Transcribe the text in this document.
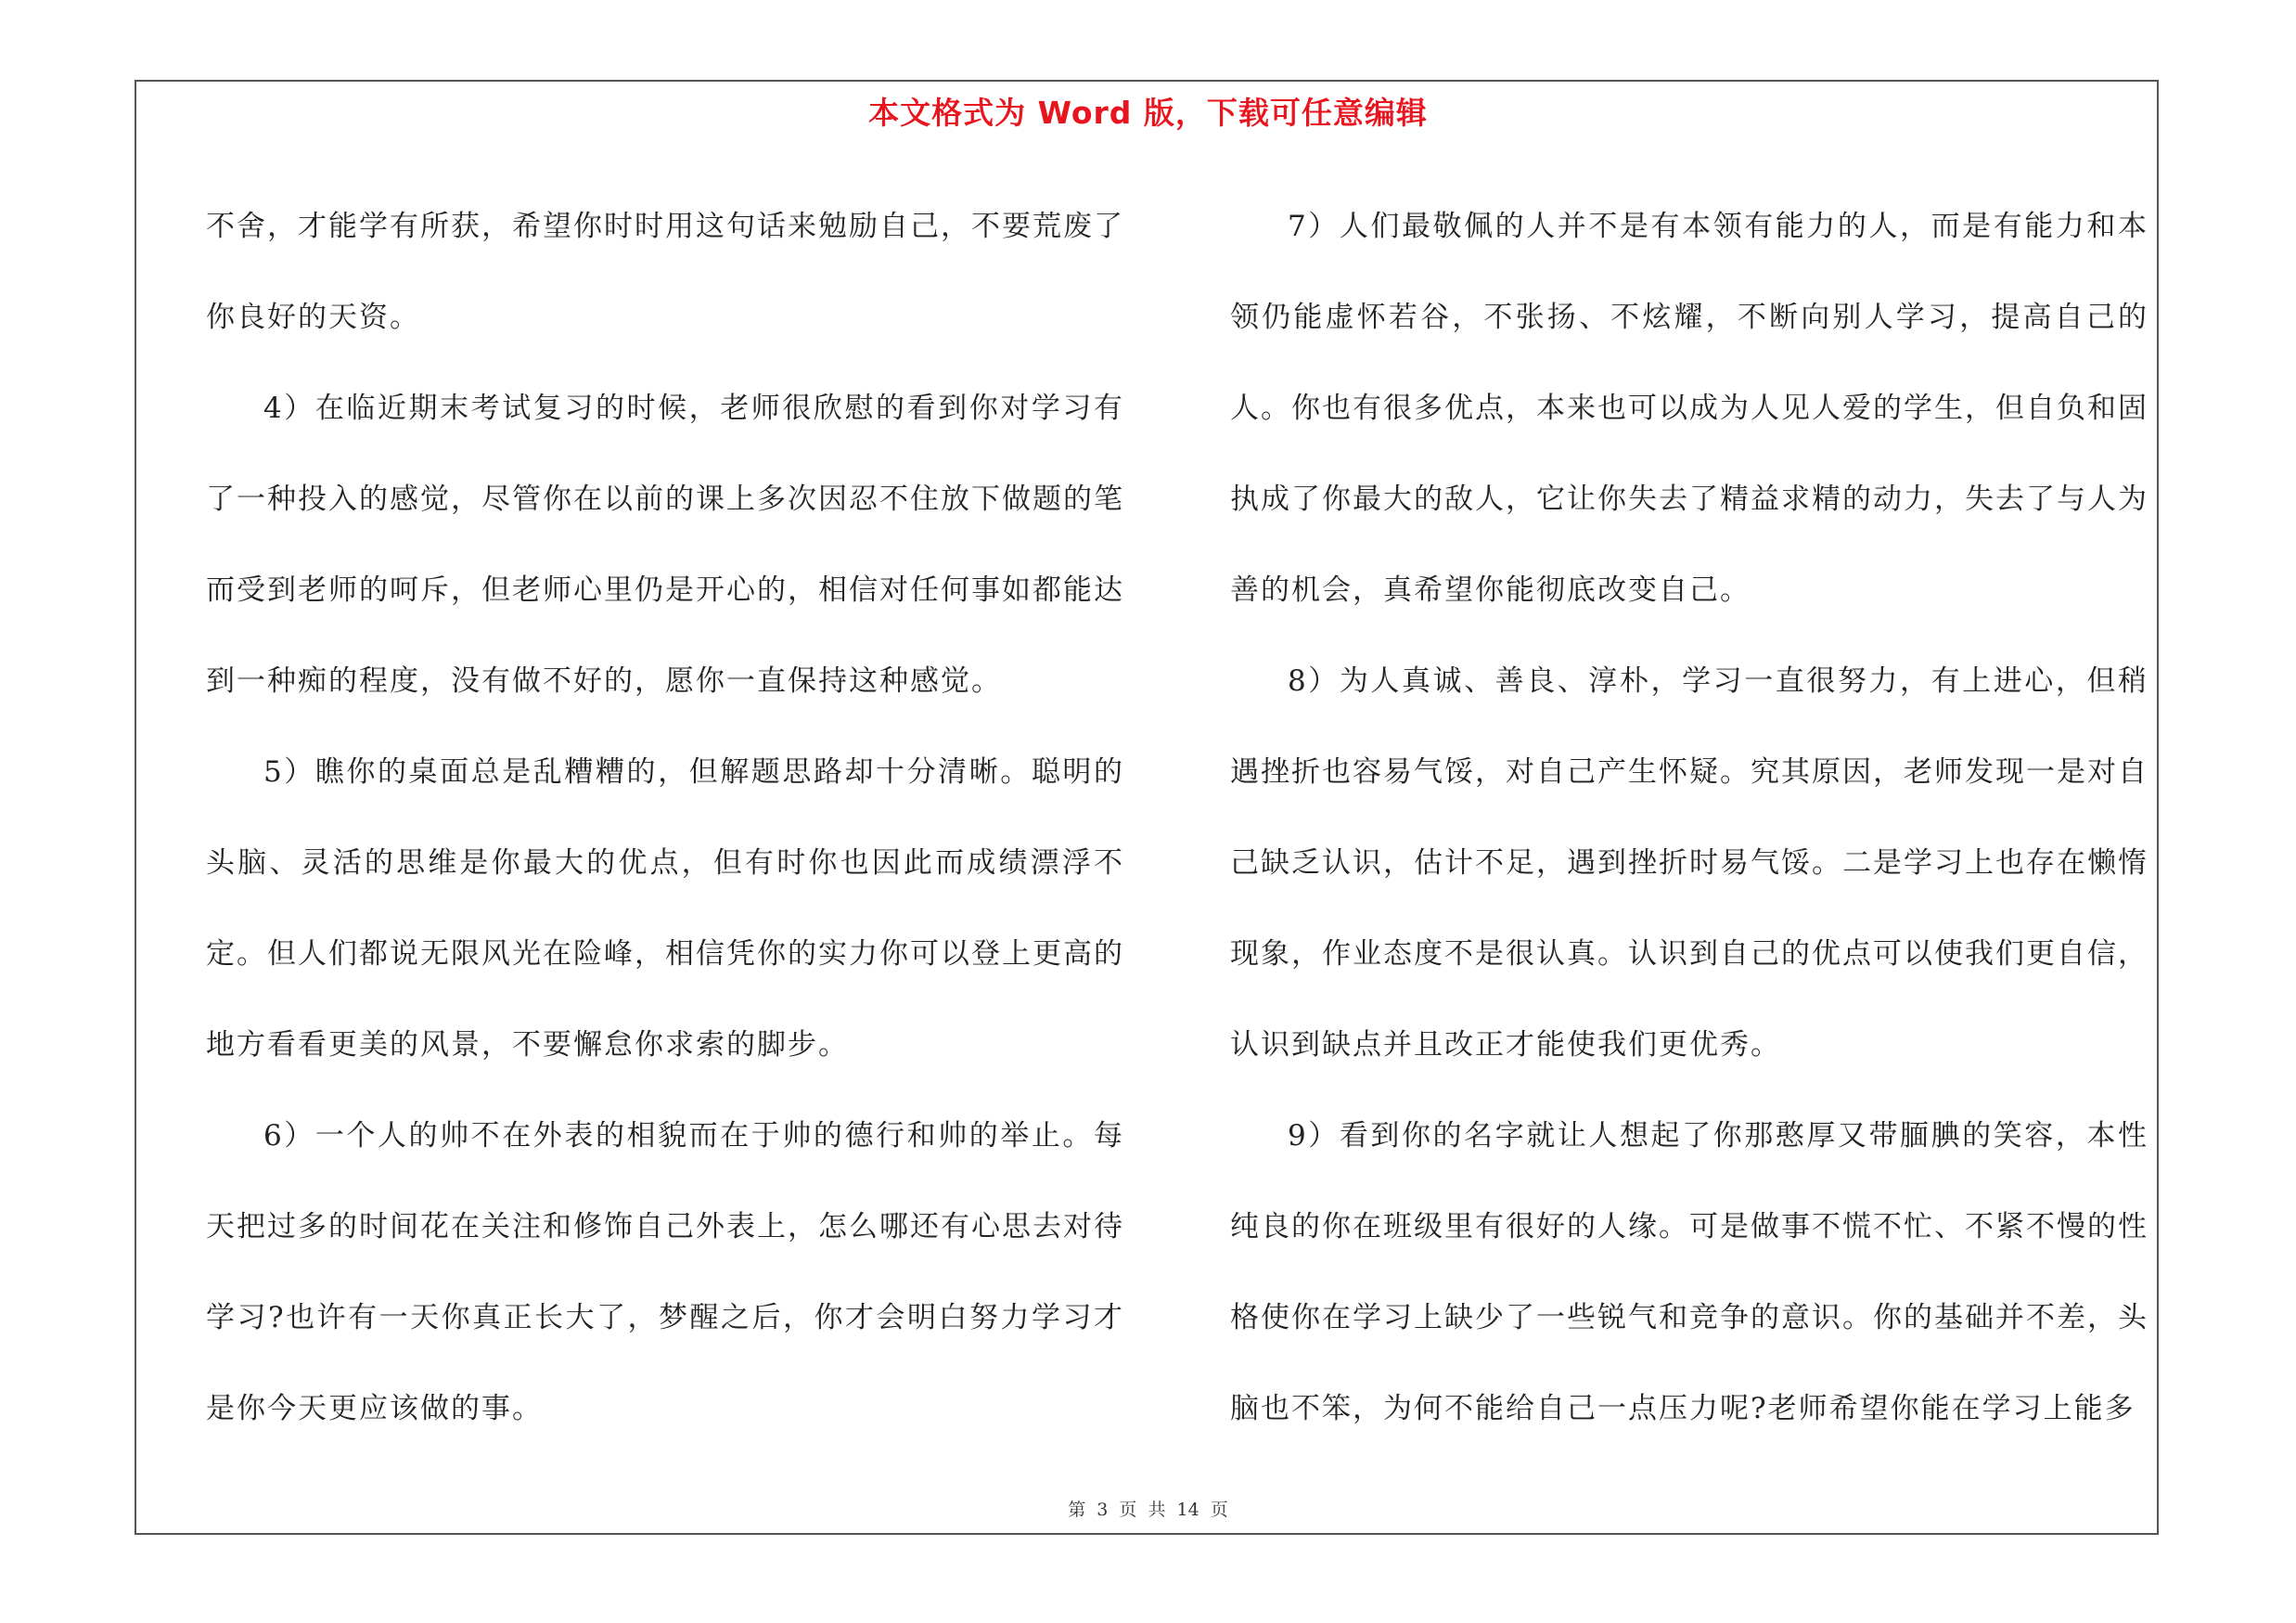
本文格式为 Word 版，下载可任意编辑

不舍，才能学有所获，希望你时时用这句话来勉励自己，不要荒废了你良好的天资。

4）在临近期末考试复习的时候，老师很欣慰的看到你对学习有了一种投入的感觉，尽管你在以前的课上多次因忍不住放下做题的笔而受到老师的呵斥，但老师心里仍是开心的，相信对任何事如都能达到一种痴的程度，没有做不好的，愿你一直保持这种感觉。

5）瞧你的桌面总是乱糟糟的，但解题思路却十分清晰。聪明的头脑、灵活的思维是你最大的优点，但有时你也因此而成绩漂浮不定。但人们都说无限风光在险峰，相信凭你的实力你可以登上更高的地方看看更美的风景，不要懈怠你求索的脚步。

6）一个人的帅不在外表的相貌而在于帅的德行和帅的举止。每天把过多的时间花在关注和修饰自己外表上，怎么哪还有心思去对待学习?也许有一天你真正长大了，梦醒之后，你才会明白努力学习才是你今天更应该做的事。

7）人们最敬佩的人并不是有本领有能力的人，而是有能力和本领仍能虚怀若谷，不张扬、不炫耀，不断向别人学习，提高自己的人。你也有很多优点，本来也可以成为人见人爱的学生，但自负和固执成了你最大的敌人，它让你失去了精益求精的动力，失去了与人为善的机会，真希望你能彻底改变自己。

8）为人真诚、善良、淳朴，学习一直很努力，有上进心，但稍遇挫折也容易气馁，对自己产生怀疑。究其原因，老师发现一是对自己缺乏认识，估计不足，遇到挫折时易气馁。二是学习上也存在懒惰现象，作业态度不是很认真。认识到自己的优点可以使我们更自信，认识到缺点并且改正才能使我们更优秀。

9）看到你的名字就让人想起了你那憨厚又带腼腆的笑容，本性纯良的你在班级里有很好的人缘。可是做事不慌不忙、不紧不慢的性格使你在学习上缺少了一些锐气和竞争的意识。你的基础并不差，头脑也不笨，为何不能给自己一点压力呢?老师希望你能在学习上能多

第 3 页 共 14 页
